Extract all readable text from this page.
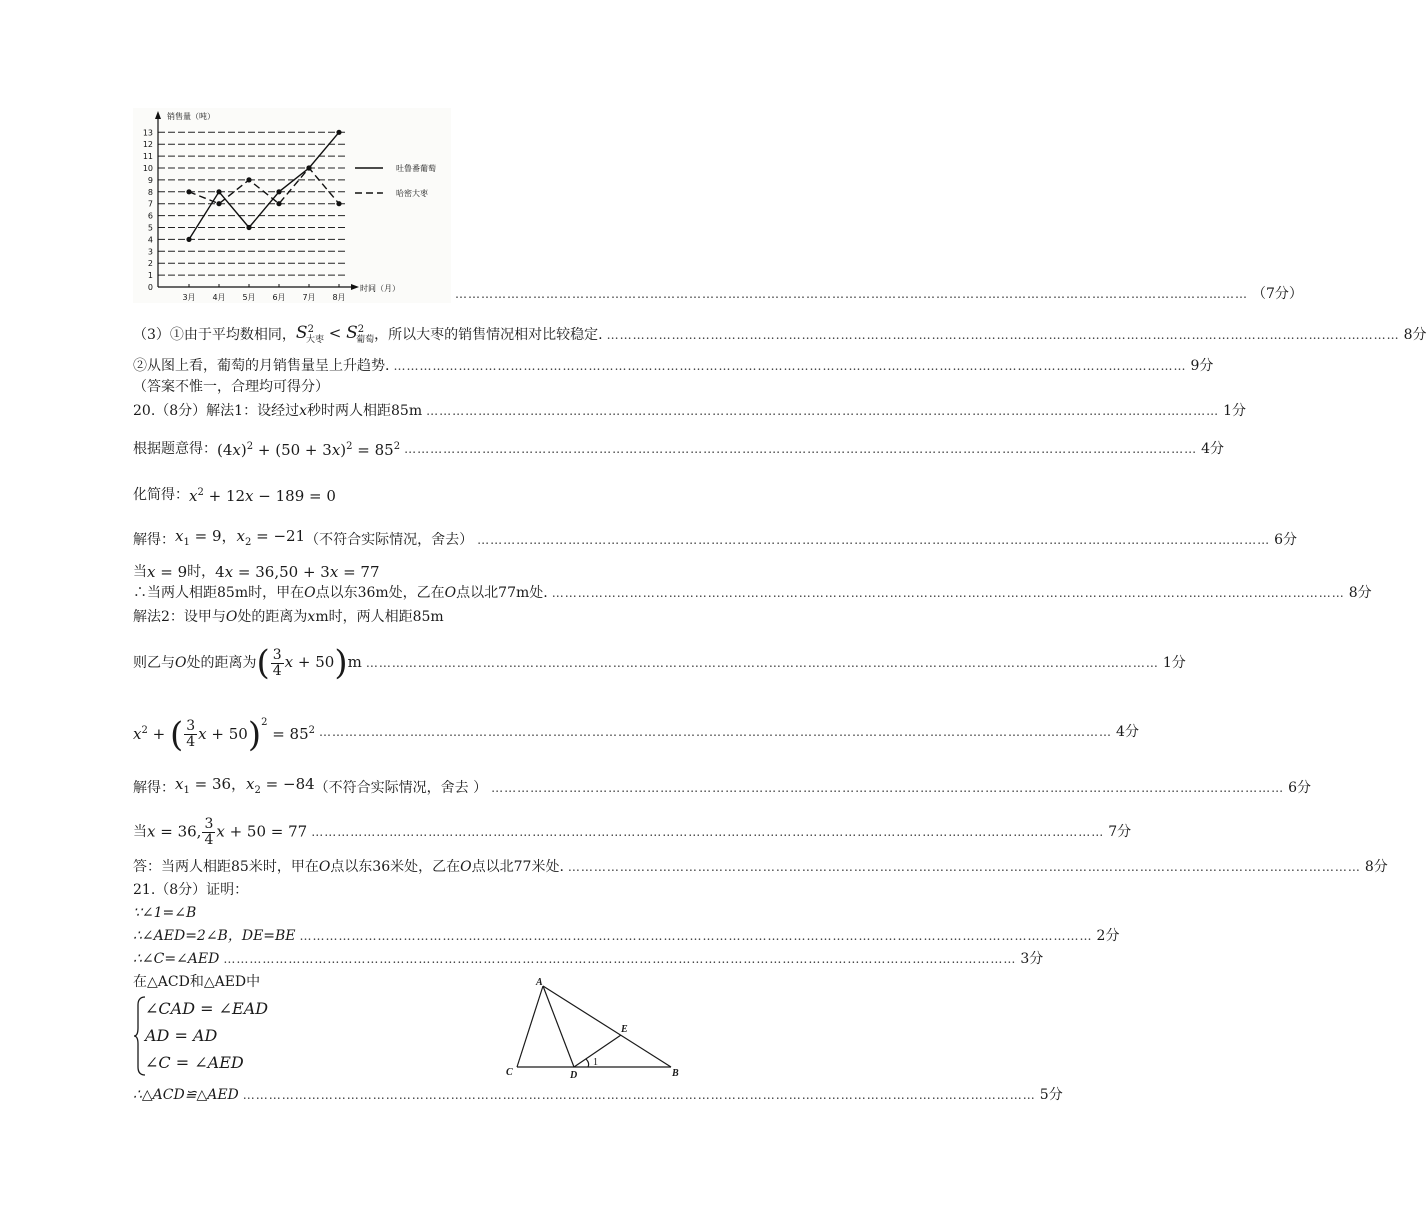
0
1
2
3
4
5
6
7
8
9
10
11
12
13
3月 4月 5月 6月 7月 8月
销售量（吨）
时间（月）
吐鲁番葡萄
哈密大枣
………………………………………………………………………………………………………………………………………………………………… （7分）
（3）①由于平均数相同， $S^2_{大枣} < S^2_{葡萄}$ ，所以大枣的销售情况相对比较稳定. ………………………………………………………………………………………………………………………………………………………………… 8分
②从图上看，葡萄的月销售量呈上升趋势. ………………………………………………………………………………………………………………………………………………………………… 9分
（答案不惟一，合理均可得分）
20.（8分）解法1：设经过 x 秒时两人相距85m ………………………………………………………………………………………………………………………………………………………………… 1分
根据题意得： $(4x)^2 + (50 + 3x)^2 = 85^2$ ………………………………………………………………………………………………………………………………………………………………… 4分
化简得： $x^2 + 12x - 189 = 0$
解得： $x_1 = 9$，$x_2 = -21$ （不符合实际情况，舍去） ………………………………………………………………………………………………………………………………………………………………… 6分
当 x = 9 时， 4x = 36,50 + 3x = 77
∴当两人相距85m时，甲在 O 点以东36m处，乙在 O 点以北77m处. ………………………………………………………………………………………………………………………………………………………………… 8分
解法2：设甲与 O 处的距离为 x m时，两人相距85m
则乙与 O 处的距离为 ( $\frac{3}{4}$ x + 50)m ………………………………………………………………………………………………………………………………………………………………… 1分
$x^2$ + ( $\frac{3}{4}$ $x + 50)^2 = 85^2$ ………………………………………………………………………………………………………………………………………………………………… 4分
解得： $x_1 = 36$，$x_2 = -84$ （不符合实际情况，舍去 ） ………………………………………………………………………………………………………………………………………………………………… 6分
当 x = 36, $\frac{3}{4}$ x + 50 = 77 ………………………………………………………………………………………………………………………………………………………………… 7分
答：当两人相距85米时，甲在 O 点以东36米处，乙在 O 点以北77米处. ………………………………………………………………………………………………………………………………………………………………… 8分
21.（8分）证明：
∵∠1=∠B
∴∠AED=2∠B，DE=BE ………………………………………………………………………………………………………………………………………………………………… 2分
∴∠C=∠AED ………………………………………………………………………………………………………………………………………………………………… 3分
在△ACD和△AED中
∠CAD = ∠EAD
AD = AD
∠C = ∠AED
A
C	D	B
E
1
∴△ACD≌△AED ………………………………………………………………………………………………………………………………………………………………… 5分
